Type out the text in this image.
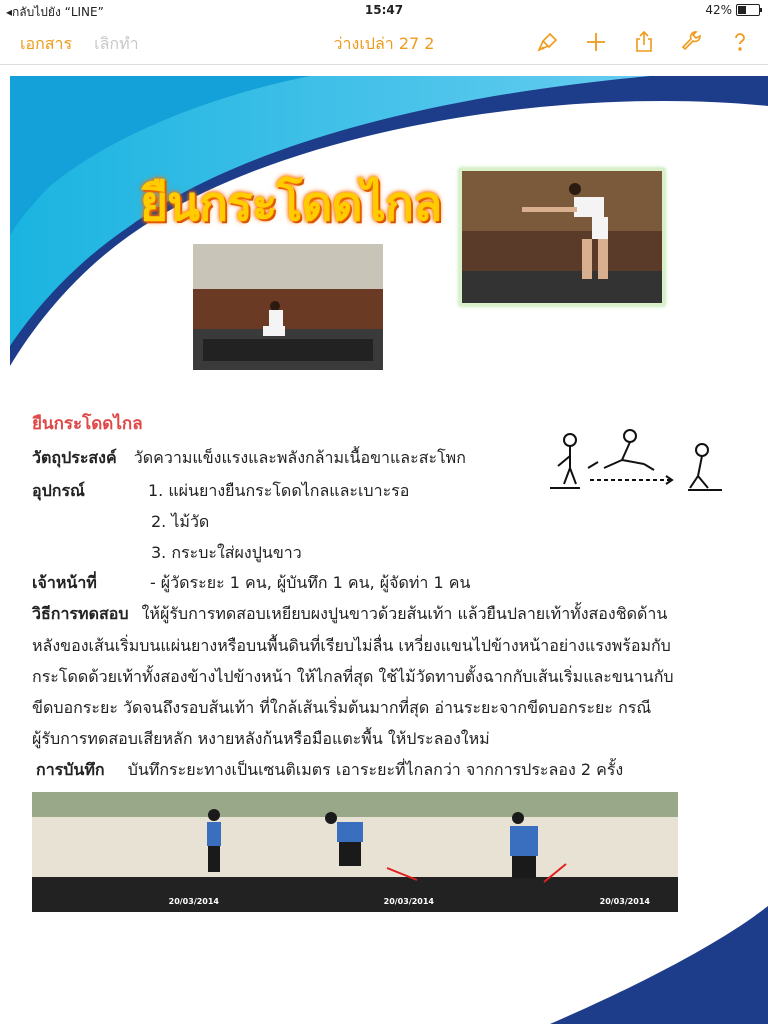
◂กลับไปยัง “LINE”	15:47	42%
เอกสาร เลิกทำ	ว่างเปล่า 27 2
ยืนกระโดดไกล
ยืนกระโดดไกล
วัตถุประสงค์ วัดความแข็งแรงและพลังกล้ามเนื้อขาและสะโพก
อุปกรณ์	1. แผ่นยางยืนกระโดดไกลและเบาะรอ
2. ไม้วัด
3. กระบะใส่ผงปูนขาว
เจ้าหน้าที่	- ผู้วัดระยะ 1 คน, ผู้บันทึก 1 คน, ผู้จัดท่า 1 คน
วิธีการทดสอบ ให้ผู้รับการทดสอบเหยียบผงปูนขาวด้วยส้นเท้า แล้วยืนปลายเท้าทั้งสองชิดด้าน
หลังของเส้นเริ่มบนแผ่นยางหรือบนพื้นดินที่เรียบไม่ลื่น เหวี่ยงแขนไปข้างหน้าอย่างแรงพร้อมกับ
กระโดดด้วยเท้าทั้งสองข้างไปข้างหน้า ให้ไกลที่สุด ใช้ไม้วัดทาบตั้งฉากกับเส้นเริ่มและขนานกับ
ขีดบอกระยะ วัดจนถึงรอบส้นเท้า ที่ใกล้เส้นเริ่มต้นมากที่สุด อ่านระยะจากขีดบอกระยะ กรณี
ผู้รับการทดสอบเสียหลัก หงายหลังก้นหรือมือแตะพื้น ให้ประลองใหม่
การบันทึก บันทึกระยะทางเป็นเซนติเมตร เอาระยะที่ไกลกว่า จากการประลอง 2 ครั้ง
20/03/2014	20/03/2014	20/03/2014
